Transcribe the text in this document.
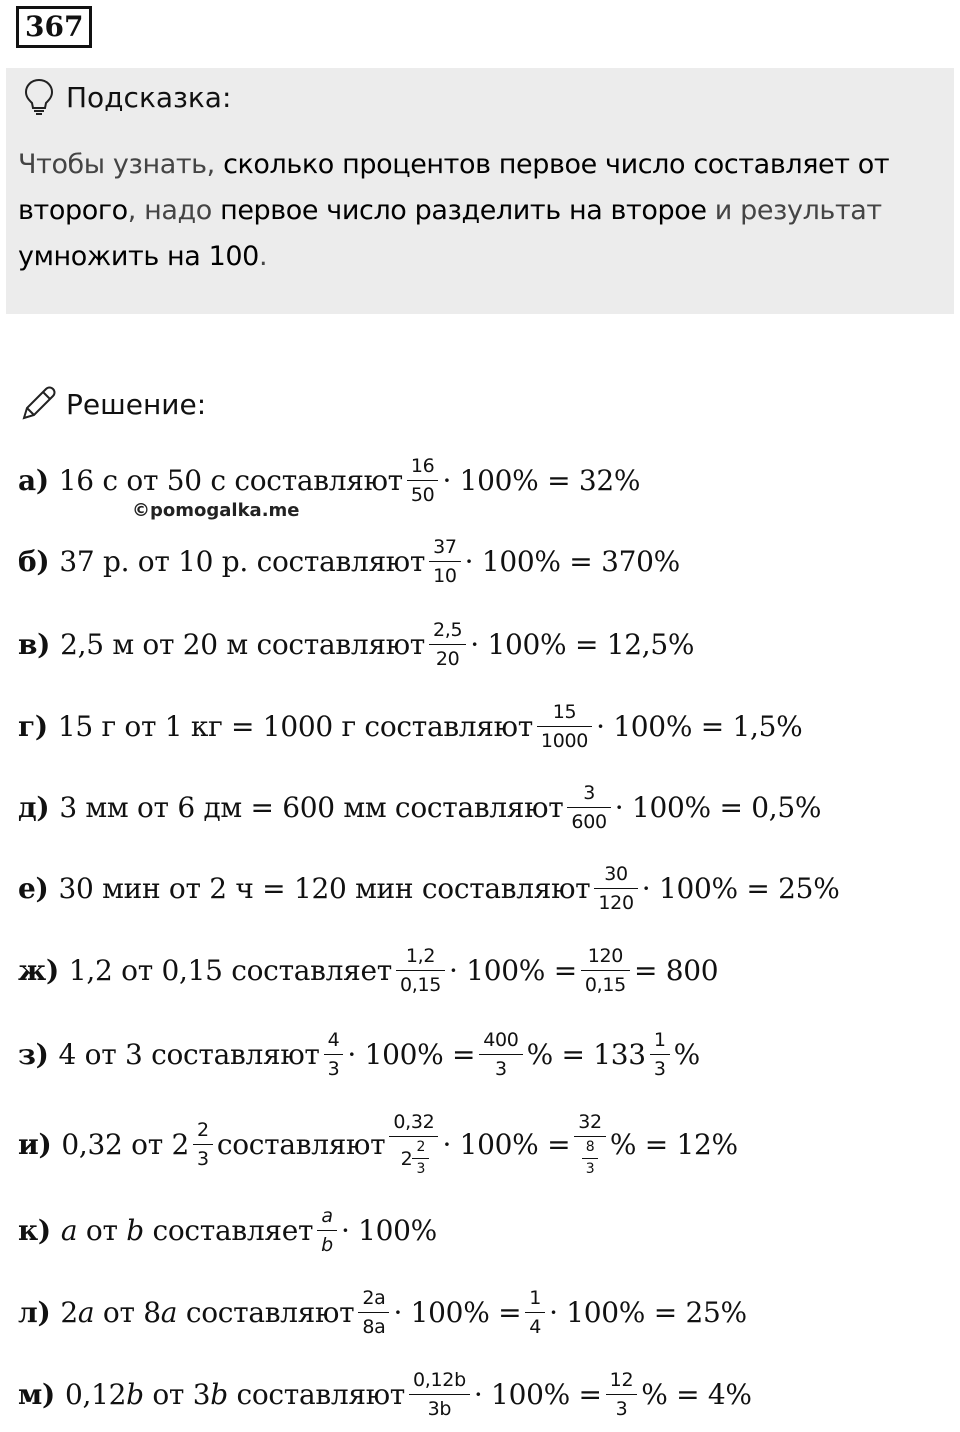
367
Подсказка:
Чтобы узнать, сколько процентов первое число составляет от второго, надо первое число разделить на второе и результат умножить на 100.
Решение:
©pomogalka.me
а) 16 с от 50 с составляют $\frac{16}{50} \cdot 100\% = 32\%$
б) 37 р. от 10 р. составляют $\frac{37}{10} \cdot 100\% = 370\%$
в) 2,5 м от 20 м составляют $\frac{2,5}{20} \cdot 100\% = 12,5\%$
г) 15 г от 1 кг = 1000 г составляют $\frac{15}{1000} \cdot 100\% = 1,5\%$
д) 3 мм от 6 дм = 600 мм составляют $\frac{3}{600} \cdot 100\% = 0,5\%$
е) 30 мин от 2 ч = 120 мин составляют $\frac{30}{120} \cdot 100\% = 25\%$
ж) 1,2 от 0,15 составляет $\frac{1,2}{0,15} \cdot 100\% = \frac{120}{0,15} = 800$
з) 4 от 3 составляют $\frac{4}{3} \cdot 100\% = \frac{400}{3}$ % = $133 \frac{1}{3}$ %
и) 0,32 от $2 \frac{2}{3}$ составляют $\frac{0,32}{2 \frac{2}{3}} \cdot 100\% = \frac{32}{\frac{8}{3}}$ % = 12%
к) a
от
b
составляет $\frac{a}{b} \cdot 100\%$
л) 2 a
от 8 a
составляют $\frac{2a}{8a} \cdot 100\% = \frac{1}{4} \cdot 100\% = 25\%$
м) 0,12 b
от 3 b
составляют $\frac{0,12b}{3b} \cdot 100\% = \frac{12}{3}$ % = 4%
